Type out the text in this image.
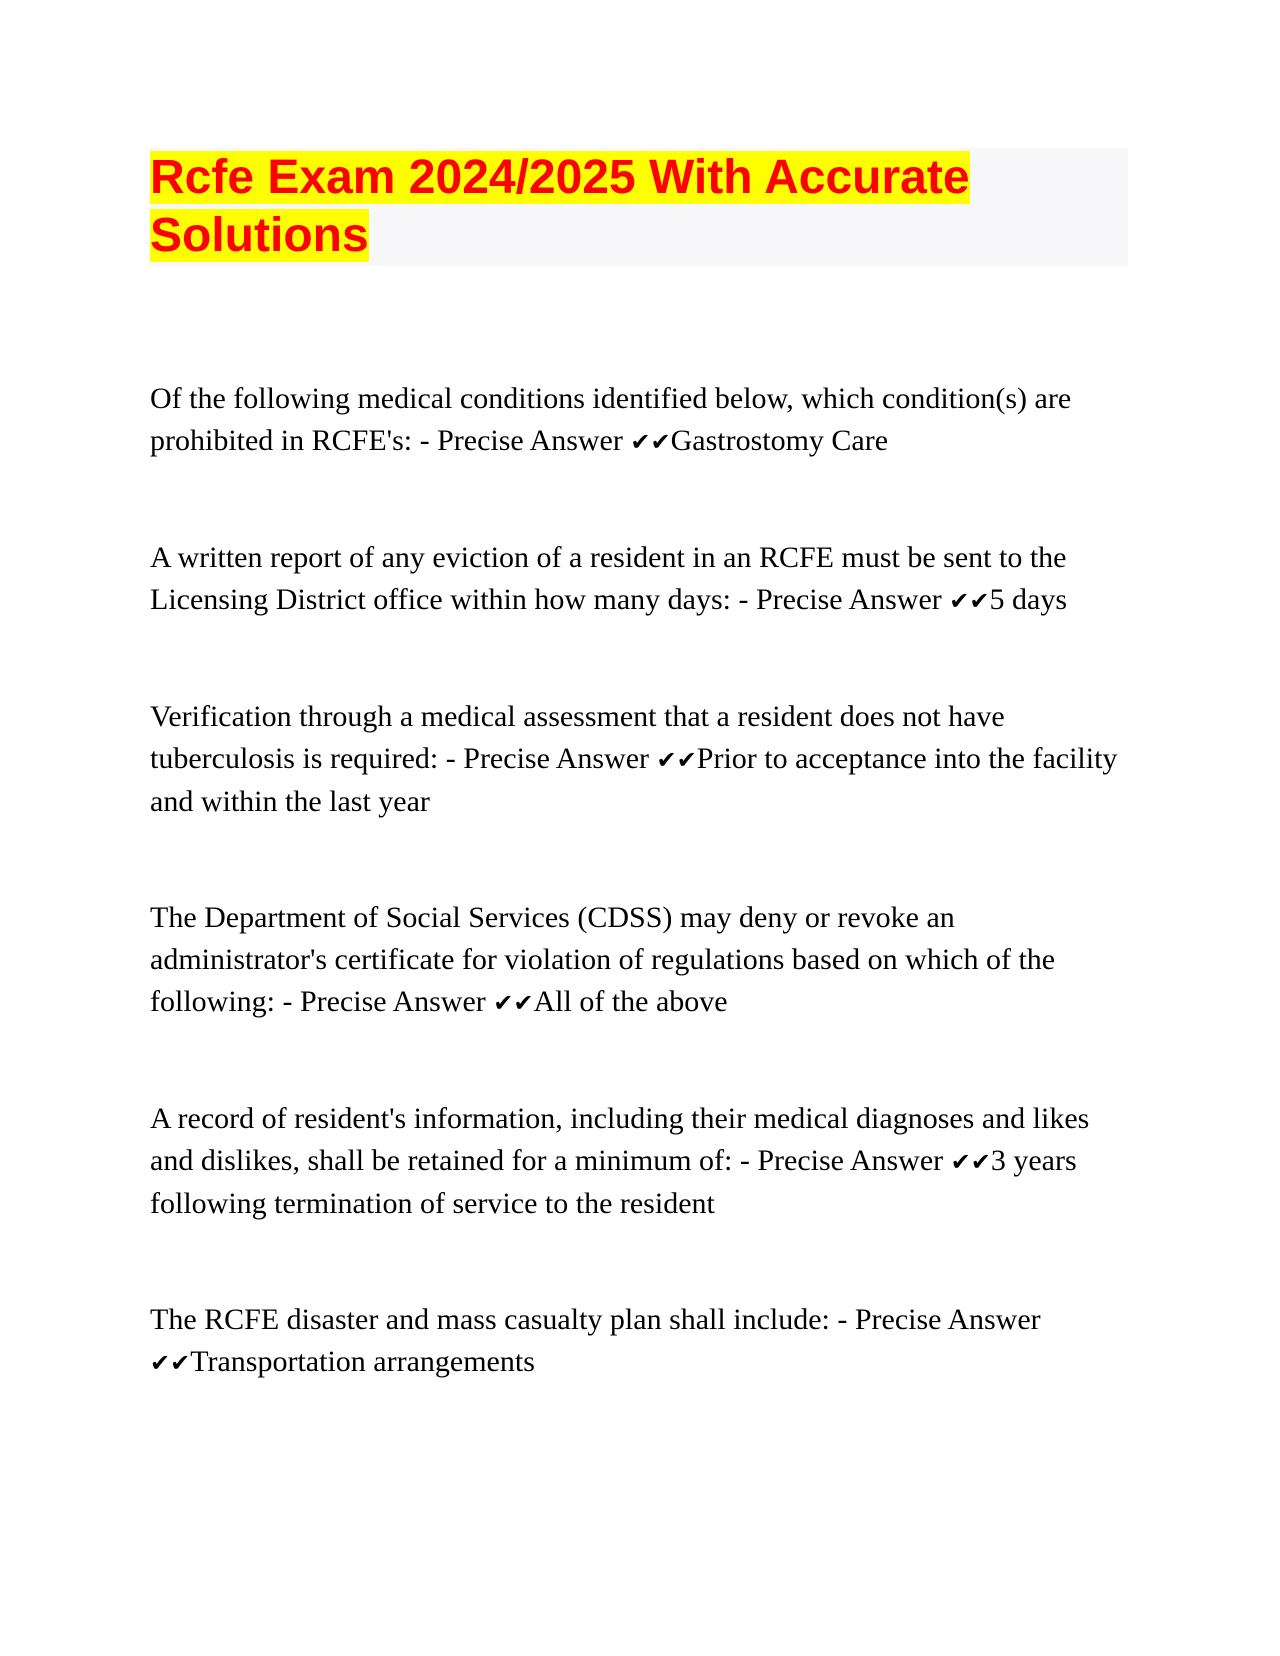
Rcfe Exam 2024/2025 With Accurate Solutions

Of the following medical conditions identified below, which condition(s) are prohibited in RCFE's: - Precise Answer ✔✔Gastrostomy Care

A written report of any eviction of a resident in an RCFE must be sent to the Licensing District office within how many days: - Precise Answer ✔✔5 days

Verification through a medical assessment that a resident does not have tuberculosis is required: - Precise Answer ✔✔Prior to acceptance into the facility and within the last year

The Department of Social Services (CDSS) may deny or revoke an administrator's certificate for violation of regulations based on which of the following: - Precise Answer ✔✔All of the above

A record of resident's information, including their medical diagnoses and likes and dislikes, shall be retained for a minimum of: - Precise Answer ✔✔3 years following termination of service to the resident

The RCFE disaster and mass casualty plan shall include: - Precise Answer ✔✔Transportation arrangements
